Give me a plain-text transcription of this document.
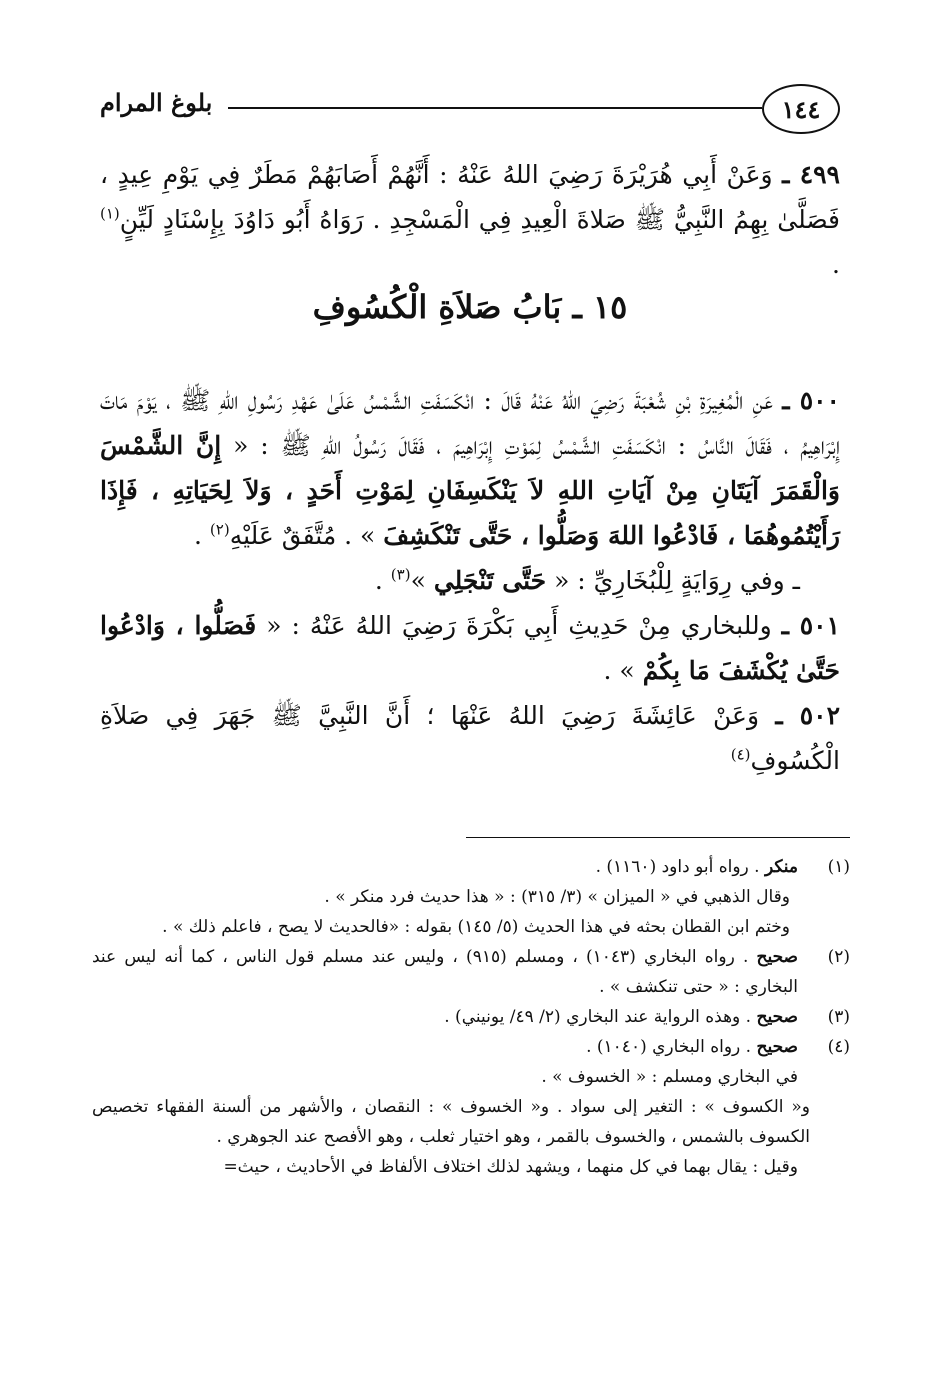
١٤٤
بلوغ المرام

٤٩٩ ـ وَعَنْ أَبِي هُرَيْرَةَ رَضِيَ اللهُ عَنْهُ : أَنَّهُمْ أَصَابَهُمْ مَطَرٌ فِي يَوْمِ عِيدٍ ، فَصَلَّىٰ بِهِمُ النَّبِيُّ ﷺ صَلاةَ الْعِيدِ فِي الْمَسْجِدِ . رَوَاهُ أَبُو دَاوُدَ بِإِسْنَادٍ لَيِّنٍ$^{(١)}$ .

١٥ ـ بَابُ صَلاَةِ الْكُسُوفِ

٥٠٠ ـ عَنِ الْمُغِيرَةِ بْنِ شُعْبَةَ رَضِيَ اللهُ عَنْهُ قَالَ : انْكَسَفَتِ الشَّمْسُ عَلَىٰ عَهْدِ رَسُولِ اللهِ ﷺ ، يَوْمَ مَاتَ إِبْرَاهِيمُ ، فَقَالَ النَّاسُ : انْكَسَفَتِ الشَّمْسُ لِمَوْتِ إِبْرَاهِيمَ ، فَقَالَ رَسُولُ اللهِ ﷺ : « إِنَّ الشَّمْسَ وَالْقَمَرَ آيَتَانِ مِنْ آيَاتِ اللهِ لاَ يَنْكَسِفَانِ لِمَوْتِ أَحَدٍ ، وَلاَ لِحَيَاتِهِ ، فَإِذَا رَأَيْتُمُوهُمَا ، فَادْعُوا اللهَ وَصَلُّوا ، حَتَّى تَنْكَشِفَ » . مُتَّفَقٌ عَلَيْهِ$^{(٢)}$ .

ـ وفي رِوَايَةٍ لِلْبُخَارِيِّ : « حَتَّى تَنْجَلِي »$^{(٣)}$ .

٥٠١ ـ وللبخاري مِنْ حَدِيثِ أَبِي بَكْرَةَ رَضِيَ اللهُ عَنْهُ : « فَصَلُّوا ، وَادْعُوا حَتَّىٰ يُكْشَفَ مَا بِكُمْ » .

٥٠٢ ـ وَعَنْ عَائِشَةَ رَضِيَ اللهُ عَنْهَا ؛ أَنَّ النَّبِيَّ ﷺ جَهَرَ فِي صَلاَةِ الْكُسُوفِ$^{(٤)}$

(١)

منكر . رواه أبو داود (١١٦٠) .

وقال الذهبي في « الميزان » (٣/ ٣١٥) : « هذا حديث فرد منكر » .
وختم ابن القطان بحثه في هذا الحديث (٥/ ١٤٥) بقوله : «فالحديث لا يصح ، فاعلم ذلك » .
(٢)

صحيح . رواه البخاري (١٠٤٣) ، ومسلم (٩١٥) ، وليس عند مسلم قول الناس ، كما أنه ليس عند البخاري : « حتى تنكشف » .

(٣)

صحيح . وهذه الرواية عند البخاري (٢/ ٤٩/ يونيني) .

(٤)

صحيح . رواه البخاري (١٠٤٠) .

في البخاري ومسلم : « الخسوف » .
و« الكسوف » : التغير إلى سواد . و« الخسوف » : النقصان ، والأشهر من ألسنة الفقهاء تخصيص الكسوف بالشمس ، والخسوف بالقمر ، وهو اختيار ثعلب ، وهو الأفصح عند الجوهري .
وقيل : يقال بهما في كل منهما ، ويشهد لذلك اختلاف الألفاظ في الأحاديث ، حيث=
